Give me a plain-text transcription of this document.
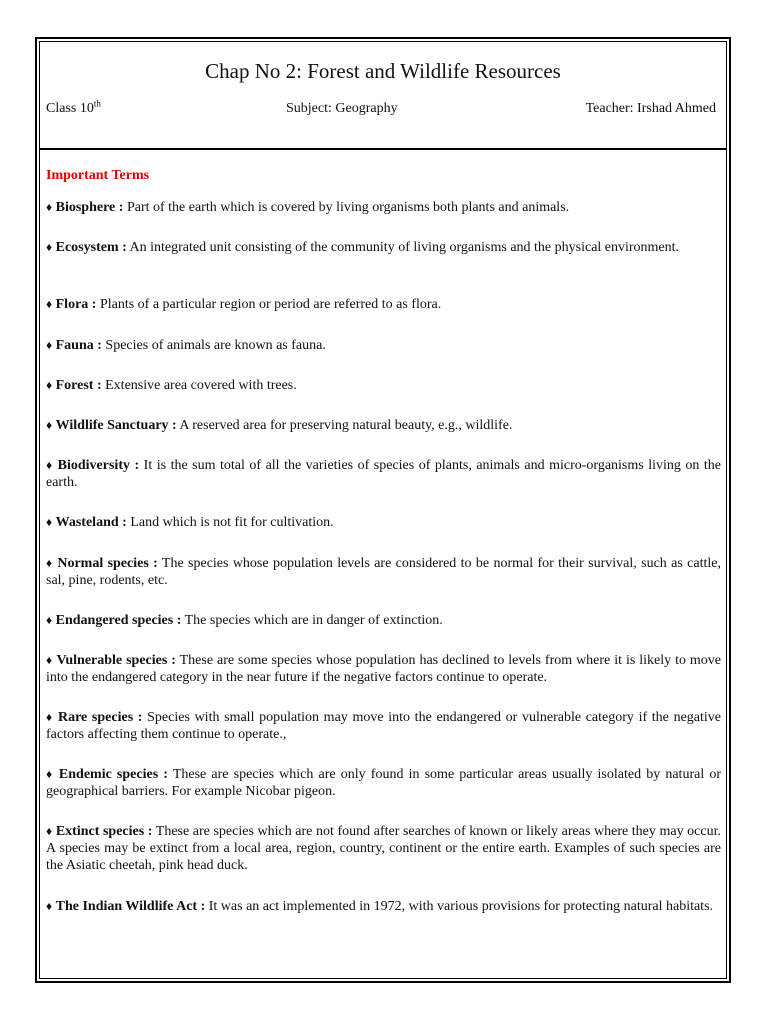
Chap No 2: Forest and Wildlife Resources
Class 10th	Subject: Geography	Teacher: Irshad Ahmed
Important Terms

♦ Biosphere : Part of the earth which is covered by living organisms both plants and animals.

♦ Ecosystem : An integrated unit consisting of the community of living organisms and the physical environment.

♦ Flora : Plants of a particular region or period are referred to as flora.

♦ Fauna : Species of animals are known as fauna.

♦ Forest : Extensive area covered with trees.

♦ Wildlife Sanctuary : A reserved area for preserving natural beauty, e.g., wildlife.

♦ Biodiversity : It is the sum total of all the varieties of species of plants, animals and micro-organisms living on the earth.

♦ Wasteland : Land which is not fit for cultivation.

♦ Normal species : The species whose population levels are considered to be normal for their survival, such as cattle, sal, pine, rodents, etc.

♦ Endangered species : The species which are in danger of extinction.

♦ Vulnerable species : These are some species whose population has declined to levels from where it is likely to move into the endangered category in the near future if the negative factors continue to operate.

♦ Rare species : Species with small population may move into the endangered or vulnerable category if the negative factors affecting them continue to operate.,

♦ Endemic species : These are species which are only found in some particular areas usually isolated by natural or geographical barriers. For example Nicobar pigeon.

♦ Extinct species : These are species which are not found after searches of known or likely areas where they may occur. A species may be extinct from a local area, region, country, continent or the entire earth. Examples of such species are the Asiatic cheetah, pink head duck.

♦ The Indian Wildlife Act : It was an act implemented in 1972, with various provisions for protecting natural habitats.
